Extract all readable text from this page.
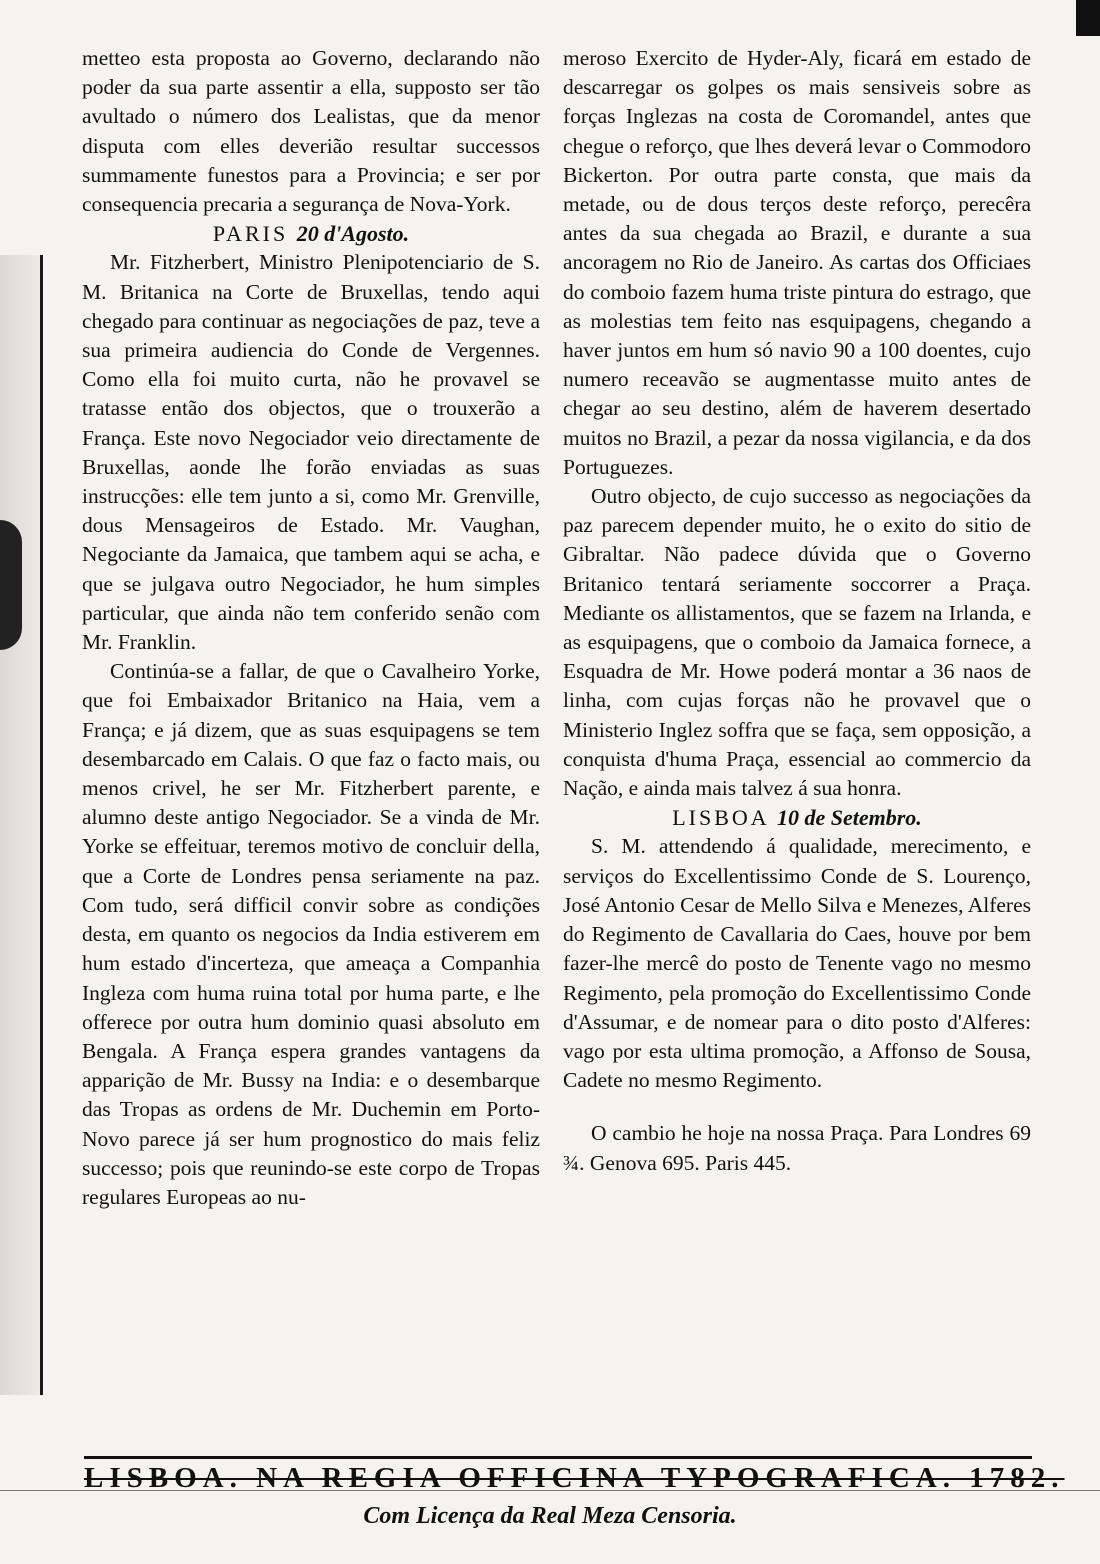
metteo esta proposta ao Governo, declarando não poder da sua parte assentir a ella, supposto ser tão avultado o número dos Lealistas, que da menor disputa com elles deverião resultar successos summamente funestos para a Provincia; e ser por consequencia precaria a segurança de Nova-York.

PARIS 20 d'Agosto.

Mr. Fitzherbert, Ministro Plenipotenciario de S. M. Britanica na Corte de Bruxellas, tendo aqui chegado para continuar as negociações de paz, teve a sua primeira audiencia do Conde de Vergennes. Como ella foi muito curta, não he provavel se tratasse então dos objectos, que o trouxerão a França. Este novo Negociador veio directamente de Bruxellas, aonde lhe forão enviadas as suas instrucções: elle tem junto a si, como Mr. Grenville, dous Mensageiros de Estado. Mr. Vaughan, Negociante da Jamaica, que tambem aqui se acha, e que se julgava outro Negociador, he hum simples particular, que ainda não tem conferido senão com Mr. Franklin.

Continúa-se a fallar, de que o Cavalheiro Yorke, que foi Embaixador Britanico na Haia, vem a França; e já dizem, que as suas esquipagens se tem desembarcado em Calais. O que faz o facto mais, ou menos crivel, he ser Mr. Fitzherbert parente, e alumno deste antigo Negociador. Se a vinda de Mr. Yorke se effeituar, teremos motivo de concluir della, que a Corte de Londres pensa seriamente na paz. Com tudo, será difficil convir sobre as condições desta, em quanto os negocios da India estiverem em hum estado d'incerteza, que ameaça a Companhia Ingleza com huma ruina total por huma parte, e lhe offerece por outra hum dominio quasi absoluto em Bengala. A França espera grandes vantagens da apparição de Mr. Bussy na India: e o desembarque das Tropas as ordens de Mr. Duchemin em Porto-Novo parece já ser hum prognostico do mais feliz successo; pois que reunindo-se este corpo de Tropas regulares Europeas ao nu-

meroso Exercito de Hyder-Aly, ficará em estado de descarregar os golpes os mais sensiveis sobre as forças Inglezas na costa de Coromandel, antes que chegue o reforço, que lhes deverá levar o Commodoro Bickerton. Por outra parte consta, que mais da metade, ou de dous terços deste reforço, perecêra antes da sua chegada ao Brazil, e durante a sua ancoragem no Rio de Janeiro. As cartas dos Officiaes do comboio fazem huma triste pintura do estrago, que as molestias tem feito nas esquipagens, chegando a haver juntos em hum só navio 90 a 100 doentes, cujo numero receavão se augmentasse muito antes de chegar ao seu destino, além de haverem desertado muitos no Brazil, a pezar da nossa vigilancia, e da dos Portuguezes.

Outro objecto, de cujo successo as negociações da paz parecem depender muito, he o exito do sitio de Gibraltar. Não padece dúvida que o Governo Britanico tentará seriamente soccorrer a Praça. Mediante os allistamentos, que se fazem na Irlanda, e as esquipagens, que o comboio da Jamaica fornece, a Esquadra de Mr. Howe poderá montar a 36 naos de linha, com cujas forças não he provavel que o Ministerio Inglez soffra que se faça, sem opposição, a conquista d'huma Praça, essencial ao commercio da Nação, e ainda mais talvez á sua honra.

LISBOA 10 de Setembro.

S. M. attendendo á qualidade, merecimento, e serviços do Excellentissimo Conde de S. Lourenço, José Antonio Cesar de Mello Silva e Menezes, Alferes do Regimento de Cavallaria do Caes, houve por bem fazer-lhe mercê do posto de Tenente vago no mesmo Regimento, pela promoção do Excellentissimo Conde d'Assumar, e de nomear para o dito posto d'Alferes: vago por esta ultima promoção, a Affonso de Sousa, Cadete no mesmo Regimento.

O cambio he hoje na nossa Praça. Para Londres 69 ¾. Genova 695. Paris 445.

LISBOA. NA REGIA OFFICINA TYPOGRAFICA. 1782.
Com Licença da Real Meza Censoria.
